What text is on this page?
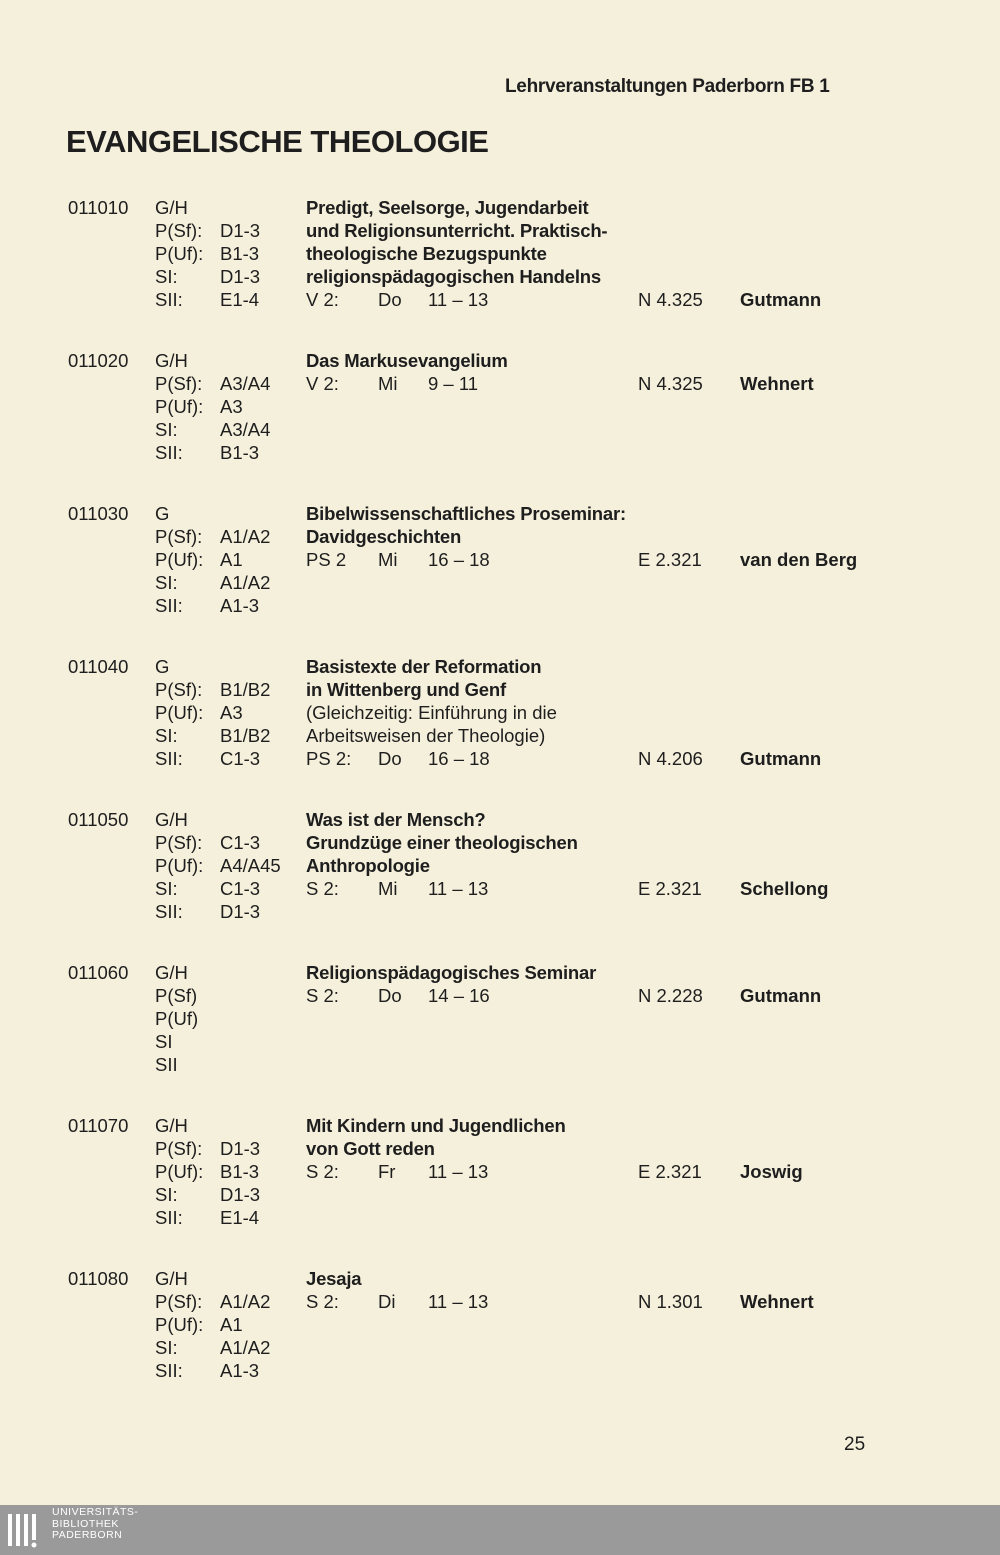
Lehrveranstaltungen Paderborn FB 1
EVANGELISCHE THEOLOGIE
011010 G/H
P(Sf): D1-3
P(Uf): B1-3
SI: D1-3
SII: E1-4
Predigt, Seelsorge, Jugendarbeit
und Religionsunterricht. Praktisch-
theologische Bezugspunkte
religionspädagogischen Handelns
V 2: Do 11 – 13	N 4.325 Gutmann
011020 G/H
P(Sf): A3/A4
P(Uf): A3
SI: A3/A4
SII: B1-3
Das Markusevangelium
V 2: Mi 9 – 11	N 4.325 Wehnert
011030 G
P(Sf): A1/A2
P(Uf): A1
SI: A1/A2
SII: A1-3
Bibelwissenschaftliches Proseminar:
Davidgeschichten
PS 2 Mi 16 – 18	E 2.321 van den Berg
011040 G
P(Sf): B1/B2
P(Uf): A3
SI: B1/B2
SII: C1-3
Basistexte der Reformation
in Wittenberg und Genf
(Gleichzeitig: Einführung in die
Arbeitsweisen der Theologie)
PS 2: Do 16 – 18	N 4.206 Gutmann
011050 G/H
P(Sf): C1-3
P(Uf): A4/A45
SI: C1-3
SII: D1-3
Was ist der Mensch?
Grundzüge einer theologischen
Anthropologie
S 2: Mi 11 – 13	E 2.321 Schellong
011060 G/H
P(Sf)
P(Uf)
SI
SII
Religionspädagogisches Seminar
S 2: Do 14 – 16	N 2.228 Gutmann
011070 G/H
P(Sf): D1-3
P(Uf): B1-3
SI: D1-3
SII: E1-4
Mit Kindern und Jugendlichen
von Gott reden
S 2: Fr 11 – 13	E 2.321 Joswig
011080 G/H
P(Sf): A1/A2
P(Uf): A1
SI: A1/A2
SII: A1-3
Jesaja
S 2: Di 11 – 13	N 1.301 Wehnert
25
UNIVERSITÄTS-
BIBLIOTHEK
PADERBORN
